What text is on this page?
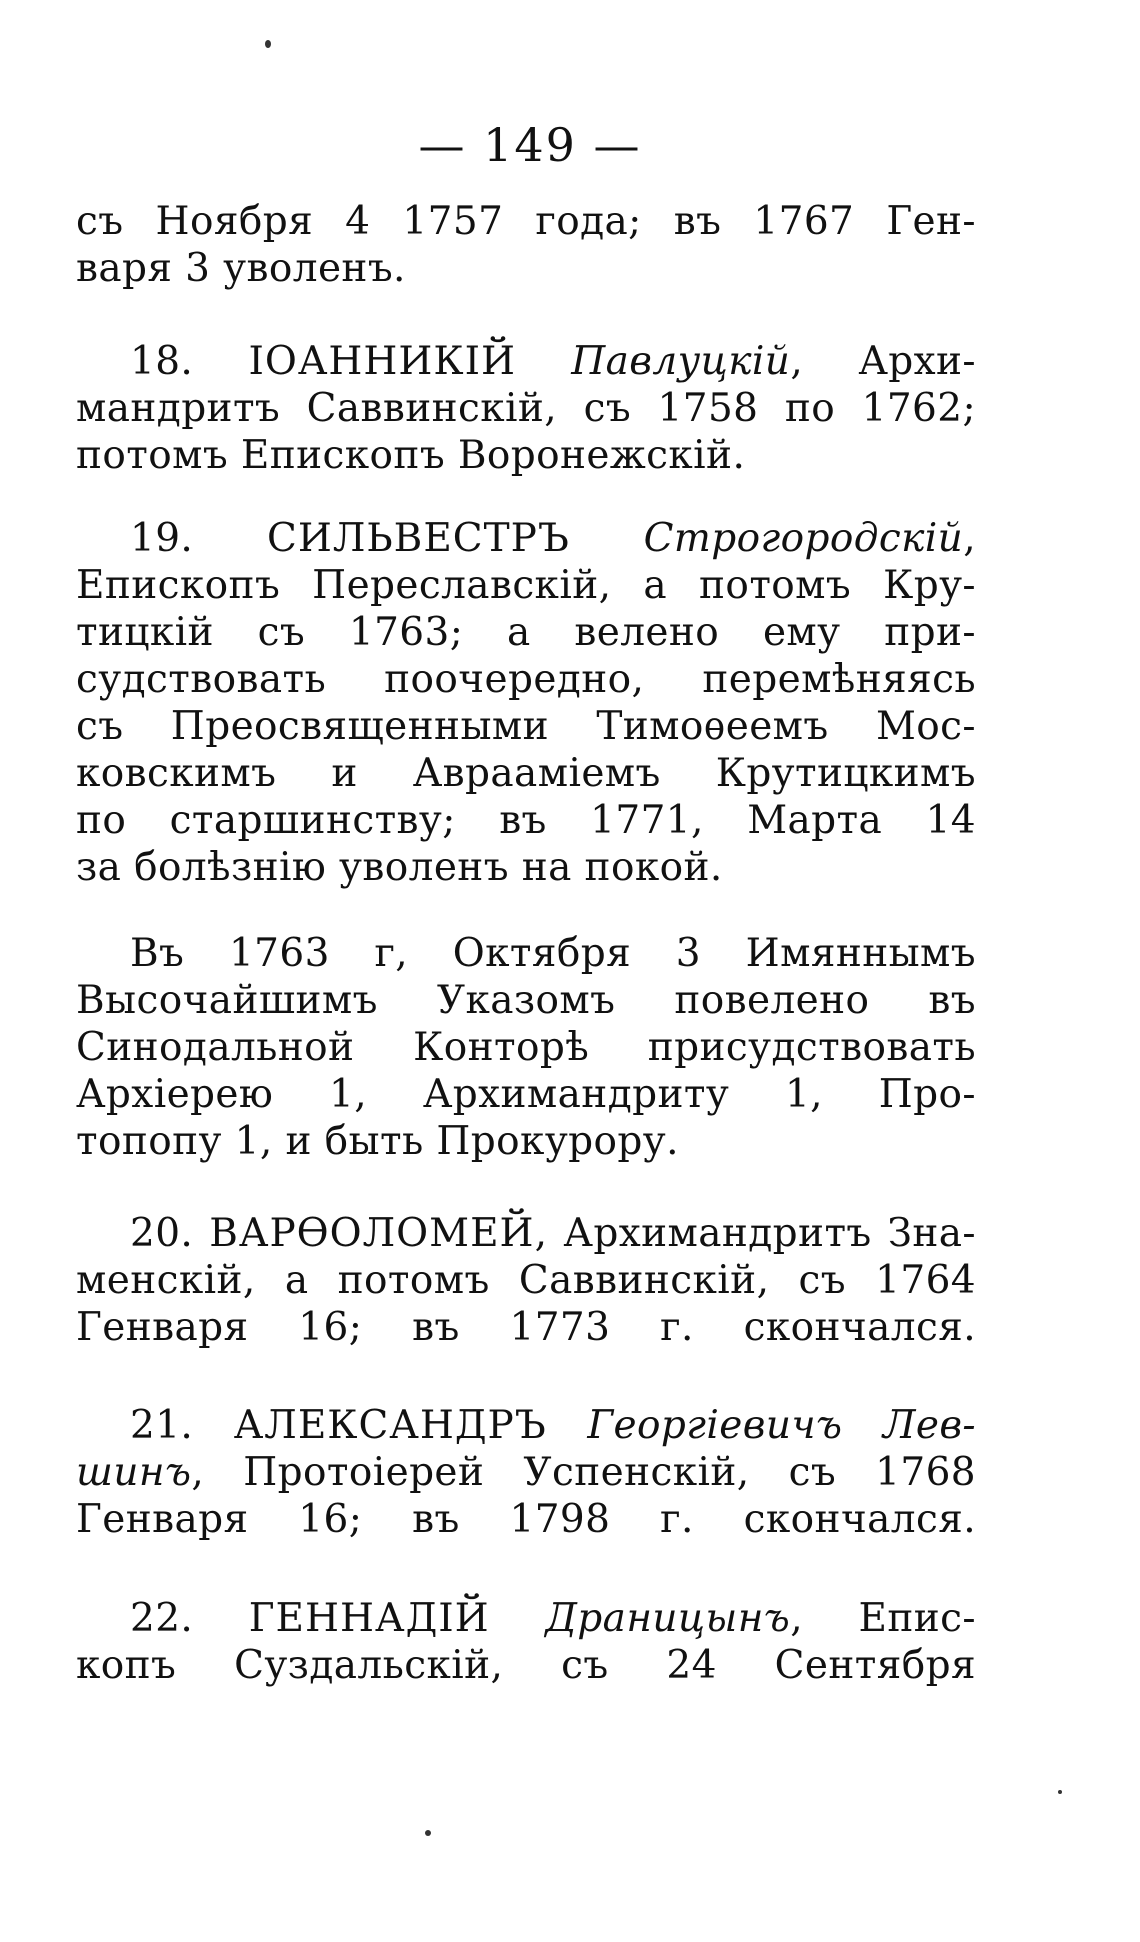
— 149 —
съ Ноября 4 1757 года; въ 1767 Ген-
варя 3 уволенъ.
18. ІОАННИКІЙ Павлуцкій, Архи-
мандритъ Саввинскій, съ 1758 по 1762;
потомъ Епископъ Воронежскій.
19. СИЛЬВЕСТРЪ Строгородскій,
Епископъ Переславскій, а потомъ Кру-
тицкій съ 1763; а велено ему при-
судствовать поочередно, перемѣняясь
съ Преосвященными Тимоѳеемъ Мос-
ковскимъ и Авраамiемъ Крутицкимъ
по старшинству; въ 1771, Марта 14
за болѣзнію уволенъ на покой.
Въ 1763 г, Октября 3 Имяннымъ
Высочайшимъ Указомъ повелено въ
Синодальной Конторѣ присудствовать
Архіерею 1, Архимандриту 1, Про-
топопу 1, и быть Прокурору.
20. ВАРѲОЛОМЕЙ, Архимандритъ Зна-
менскій, а потомъ Саввинскій, съ 1764
Генваря 16; въ 1773 г. скончался.
21. АЛЕКСАНДРЪ Георгіевичъ Лев-
шинъ, Протоіерей Успенскій, съ 1768
Генваря 16; въ 1798 г. скончался.
22. ГЕННАДІЙ Драницынъ, Епис-
копъ Суздальскій, съ 24 Сентября
